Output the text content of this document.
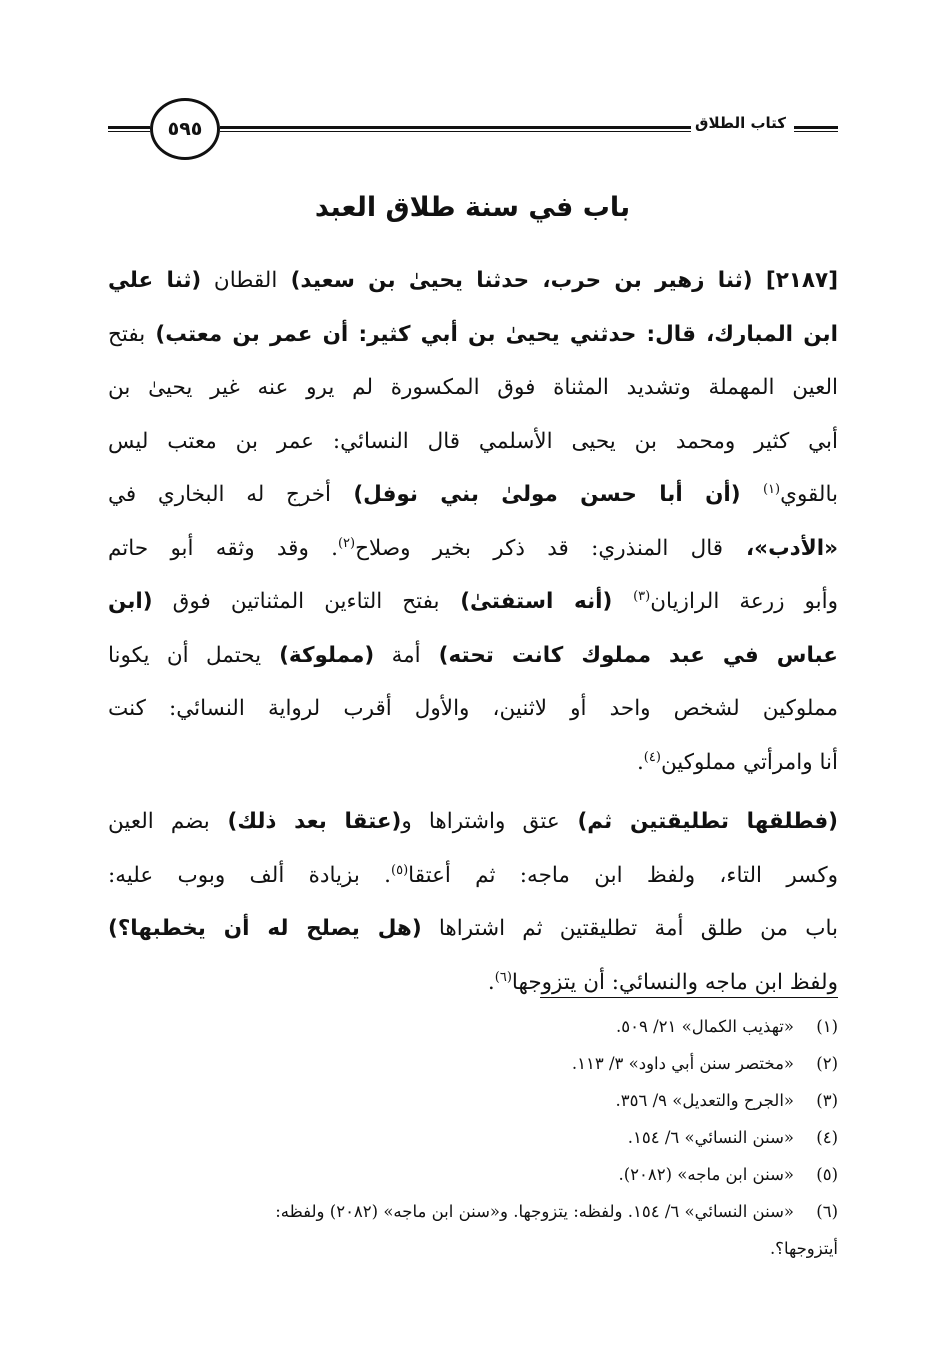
كتاب الطلاق
٥٩٥
باب في سنة طلاق العبد

[٢١٨٧] (ثنا زهير بن حرب، حدثنا يحيىٰ بن سعيد) القطان (ثنا علي
ابن المبارك، قال: حدثني يحيىٰ بن أبي كثير: أن عمر بن معتب) بفتح
العين المهملة وتشديد المثناة فوق المكسورة لم يرو عنه غير يحيىٰ بن
أبي كثير ومحمد بن يحيى الأسلمي قال النسائي: عمر بن معتب ليس
بالقوي$^{(١)}$ (أن أبا حسن مولىٰ بني نوفل) أخرج له البخاري في
«الأدب»، قال المنذري: قد ذكر بخير وصلاح$^{(٢)}$. وقد وثقه أبو حاتم
وأبو زرعة الرازيان$^{(٣)}$ (أنه استفتىٰ) بفتح التاءين المثناتين فوق (ابن
عباس في عبد مملوك كانت تحته) أمة (مملوكة) يحتمل أن يكونا
مملوكين لشخص واحد أو لاثنين، والأول أقرب لرواية النسائي: كنت
أنا وامرأتي مملوكين$^{(٤)}$.

(فطلقها تطليقتين ثم) عتق واشتراها و(عتقا بعد ذلك) بضم العين
وكسر التاء، ولفظ ابن ماجه: ثم أعتقا$^{(٥)}$. بزيادة ألف وبوب عليه:
باب من طلق أمة تطليقتين ثم اشتراها (هل يصلح له أن يخطبها؟)
ولفظ ابن ماجه والنسائي: أن يتزوجها$^{(٦)}$.

(١)
«تهذيب الكمال» ٢١/ ٥٠٩.
(٢)
«مختصر سنن أبي داود» ٣/ ١١٣.
(٣)
«الجرح والتعديل» ٩/ ٣٥٦.
(٤)
«سنن النسائي» ٦/ ١٥٤.
(٥)
«سنن ابن ماجه» (٢٠٨٢).
(٦)
«سنن النسائي» ٦/ ١٥٤. ولفظه: يتزوجها. و«سنن ابن ماجه» (٢٠٨٢) ولفظه:
أيتزوجها؟.
